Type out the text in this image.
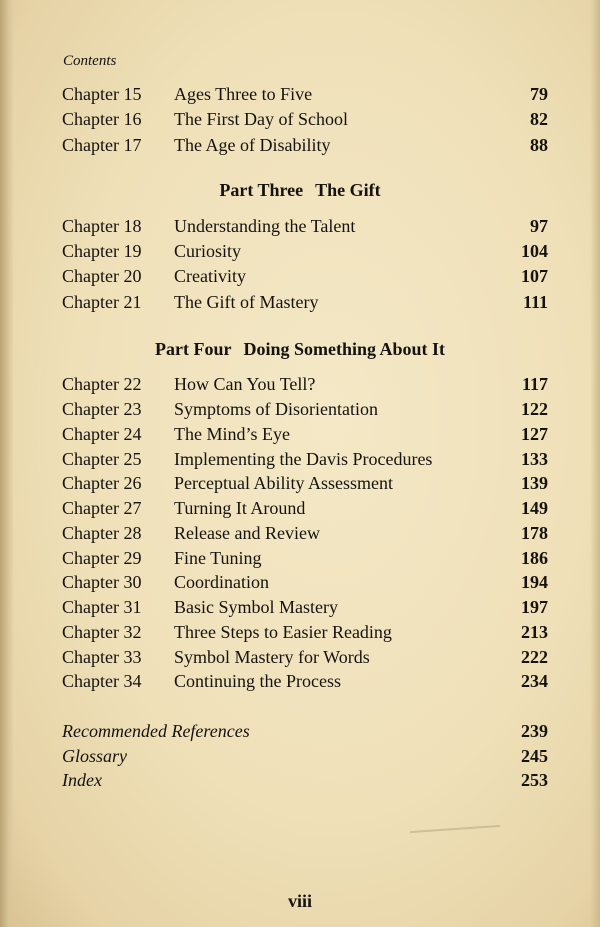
Contents
Chapter 15 Ages Three to Five	79
Chapter 16 The First Day of School	82
Chapter 17 The Age of Disability	88
Part Three The Gift
Chapter 18 Understanding the Talent	97
Chapter 19 Curiosity	104
Chapter 20 Creativity	107
Chapter 21 The Gift of Mastery	111
Part Four Doing Something About It
Chapter 22 How Can You Tell?	117
Chapter 23 Symptoms of Disorientation	122
Chapter 24 The Mind’s Eye	127
Chapter 25 Implementing the Davis Procedures	133
Chapter 26 Perceptual Ability Assessment	139
Chapter 27 Turning It Around	149
Chapter 28 Release and Review	178
Chapter 29 Fine Tuning	186
Chapter 30 Coordination	194
Chapter 31 Basic Symbol Mastery	197
Chapter 32 Three Steps to Easier Reading	213
Chapter 33 Symbol Mastery for Words	222
Chapter 34 Continuing the Process	234
Recommended References	239
Glossary	245
Index	253
viii
